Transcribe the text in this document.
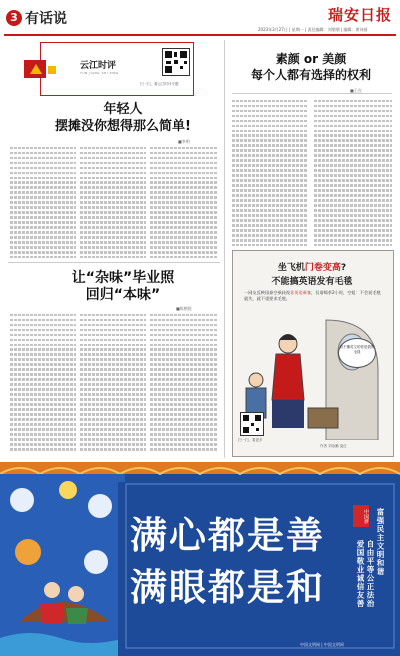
3 有话说	瑞安日报
2023年3月27日 | 星期一 | 责任编辑：刘朋朋 | 编辑：黄诗画
云江时评
YUN JIANG SHI PING
扫一扫，看云江时评专题
素颜 or 美颜
每个人都有选择的权利
■王宣
年轻人
摆摊没你想得那么简单!
■李明
让“杂味”毕业照
回归“本味”
■陈楷锐
坐飞机门卷变高?
不能搞英语发有毛毯
一网友反映国泰空乘歧视非英语乘客，仅请喝茶2小时，空姐：不会说毛毯就失，就不重要求毛毯。
看不懂英文的你是我的毛毯
扫一扫，看更多
作者 刘治鹏 莫红
满心都是善
满眼都是和
富强民主文明和谐
自由平等公正法治
爱国敬业诚信友善
中国梦
中国文明网 | 中国文明网
